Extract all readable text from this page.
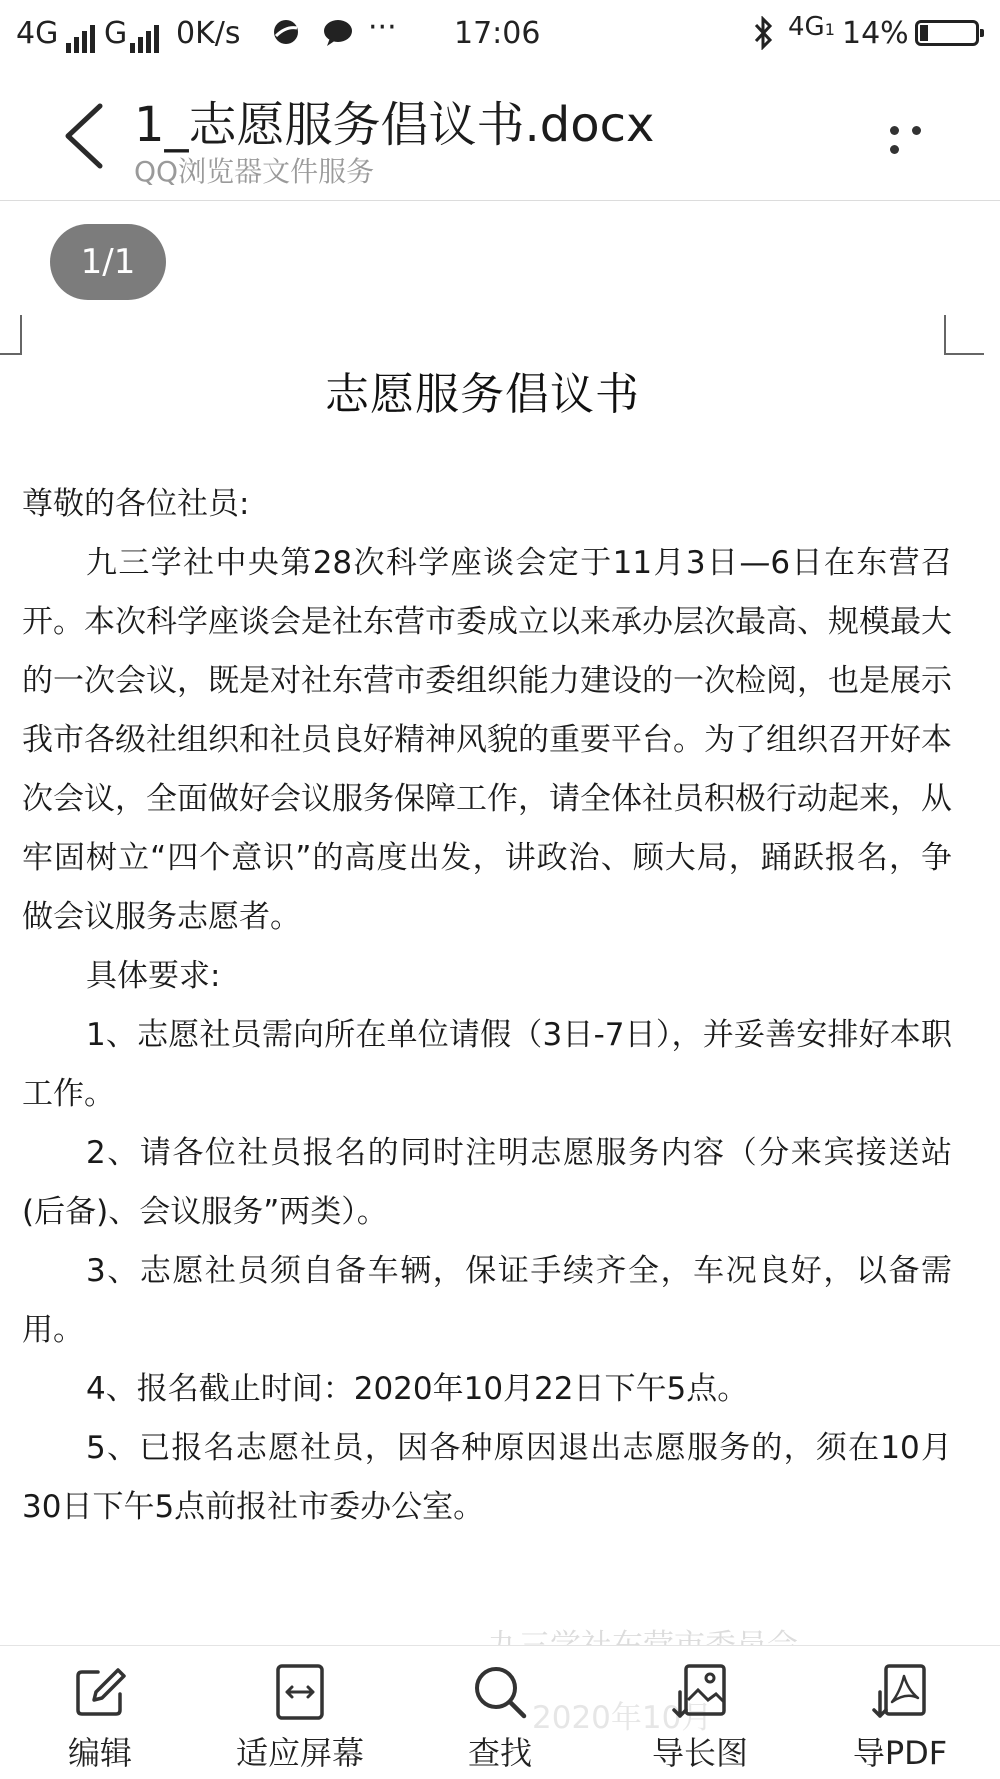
4G G 0K/s	··· 17:06	4G1 14%
1_志愿服务倡议书.docx
QQ浏览器文件服务
1/1
志愿服务倡议书

尊敬的各位社员:

九三学社中央第28次科学座谈会定于11月3日—6日在东营召开。本次科学座谈会是社东营市委成立以来承办层次最高、规模最大的一次会议，既是对社东营市委组织能力建设的一次检阅，也是展示我市各级社组织和社员良好精神风貌的重要平台。为了组织召开好本次会议，全面做好会议服务保障工作，请全体社员积极行动起来，从牢固树立“四个意识”的高度出发，讲政治、顾大局，踊跃报名，争做会议服务志愿者。

具体要求:

1、志愿社员需向所在单位请假（3日-7日），并妥善安排好本职工作。

2、请各位社员报名的同时注明志愿服务内容（分来宾接送站(后备)、会议服务”两类）。

3、志愿社员须自备车辆，保证手续齐全，车况良好，以备需用。

4、报名截止时间：2020年10月22日下午5点。

5、已报名志愿社员，因各种原因退出志愿服务的，须在10月30日下午5点前报社市委办公室。

2020年10月
编辑	适应屏幕	查找	导长图	导PDF
